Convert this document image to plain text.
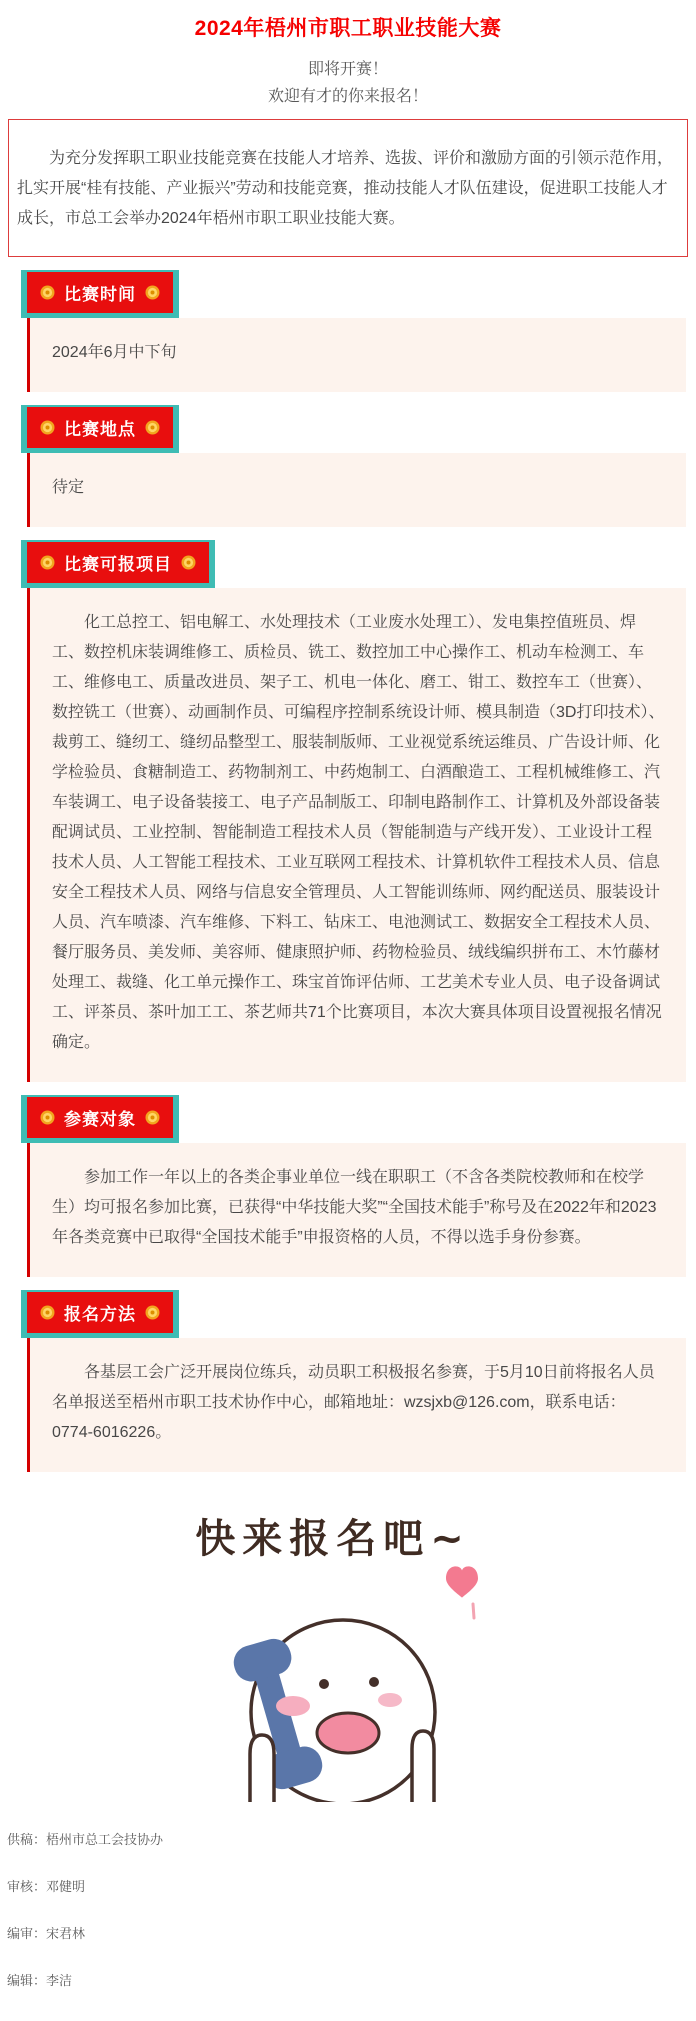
2024年梧州市职工职业技能大赛

即将开赛！

欢迎有才的你来报名！

为充分发挥职工职业技能竞赛在技能人才培养、选拔、评价和激励方面的引领示范作用，扎实开展“桂有技能、产业振兴”劳动和技能竞赛，推动技能人才队伍建设，促进职工技能人才成长，市总工会举办2024年梧州市职工职业技能大赛。

比赛时间

2024年6月中下旬

比赛地点

待定

比赛可报项目

化工总控工、铝电解工、水处理技术（工业废水处理工）、发电集控值班员、焊工、数控机床装调维修工、质检员、铣工、数控加工中心操作工、机动车检测工、车工、维修电工、质量改进员、架子工、机电一体化、磨工、钳工、数控车工（世赛）、数控铣工（世赛）、动画制作员、可编程序控制系统设计师、模具制造（3D打印技术）、裁剪工、缝纫工、缝纫品整型工、服装制版师、工业视觉系统运维员、广告设计师、化学检验员、食糖制造工、药物制剂工、中药炮制工、白酒酿造工、工程机械维修工、汽车装调工、电子设备装接工、电子产品制版工、印制电路制作工、计算机及外部设备装配调试员、工业控制、智能制造工程技术人员（智能制造与产线开发）、工业设计工程技术人员、人工智能工程技术、工业互联网工程技术、计算机软件工程技术人员、信息安全工程技术人员、网络与信息安全管理员、人工智能训练师、网约配送员、服装设计人员、汽车喷漆、汽车维修、下料工、钻床工、电池测试工、数据安全工程技术人员、餐厅服务员、美发师、美容师、健康照护师、药物检验员、绒线编织拼布工、木竹藤材处理工、裁缝、化工单元操作工、珠宝首饰评估师、工艺美术专业人员、电子设备调试工、评茶员、茶叶加工工、茶艺师共71个比赛项目，本次大赛具体项目设置视报名情况确定。

参赛对象

参加工作一年以上的各类企事业单位一线在职职工（不含各类院校教师和在校学生）均可报名参加比赛，已获得“中华技能大奖”“全国技术能手”称号及在2022年和2023年各类竞赛中已取得“全国技术能手”申报资格的人员，不得以选手身份参赛。

报名方法

各基层工会广泛开展岗位练兵，动员职工积极报名参赛，于5月10日前将报名人员名单报送至梧州市职工技术协作中心，邮箱地址：wzsjxb@126.com，联系电话：0774-6016226。

快来报名吧~

供稿：梧州市总工会技协办

审核：邓健明

编审：宋君林

编辑：李洁
